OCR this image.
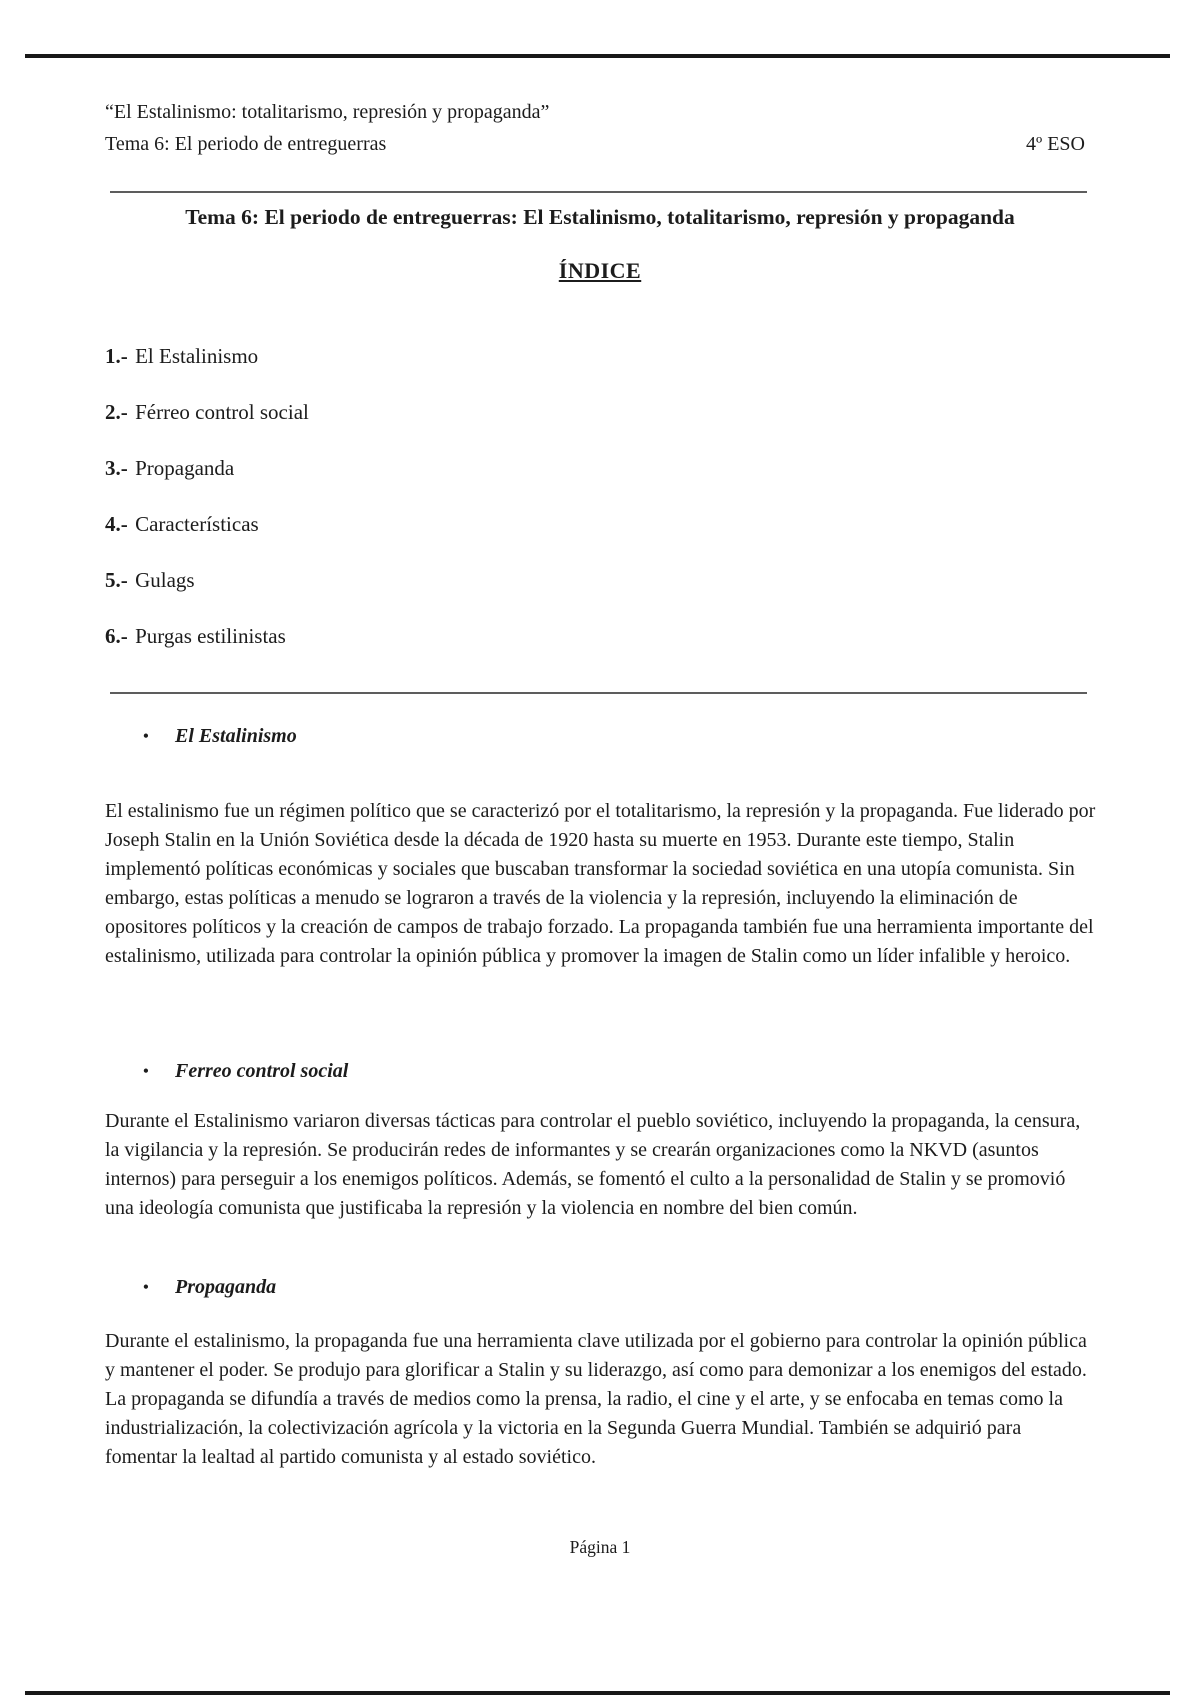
“El Estalinismo: totalitarismo, represión y propaganda”
Tema 6: El periodo de entreguerras	4º ESO
Tema 6: El periodo de entreguerras: El Estalinismo, totalitarismo, represión y propaganda
ÍNDICE
1.- El Estalinismo
2.- Férreo control social
3.- Propaganda
4.- Características
5.- Gulags
6.- Purgas estilinistas
•	El Estalinismo
El estalinismo fue un régimen político que se caracterizó por el totalitarismo, la represión y la propaganda. Fue liderado por Joseph Stalin en la Unión Soviética desde la década de 1920 hasta su muerte en 1953. Durante este tiempo, Stalin implementó políticas económicas y sociales que buscaban transformar la sociedad soviética en una utopía comunista. Sin embargo, estas políticas a menudo se lograron a través de la violencia y la represión, incluyendo la eliminación de opositores políticos y la creación de campos de trabajo forzado. La propaganda también fue una herramienta importante del estalinismo, utilizada para controlar la opinión pública y promover la imagen de Stalin como un líder infalible y heroico.
•	Ferreo control social
Durante el Estalinismo variaron diversas tácticas para controlar el pueblo soviético, incluyendo la propaganda, la censura, la vigilancia y la represión. Se producirán redes de informantes y se crearán organizaciones como la NKVD (asuntos internos) para perseguir a los enemigos políticos. Además, se fomentó el culto a la personalidad de Stalin y se promovió una ideología comunista que justificaba la represión y la violencia en nombre del bien común.
•	Propaganda
Durante el estalinismo, la propaganda fue una herramienta clave utilizada por el gobierno para controlar la opinión pública y mantener el poder. Se produjo para glorificar a Stalin y su liderazgo, así como para demonizar a los enemigos del estado. La propaganda se difundía a través de medios como la prensa, la radio, el cine y el arte, y se enfocaba en temas como la industrialización, la colectivización agrícola y la victoria en la Segunda Guerra Mundial. También se adquirió para fomentar la lealtad al partido comunista y al estado soviético.
Página 1
